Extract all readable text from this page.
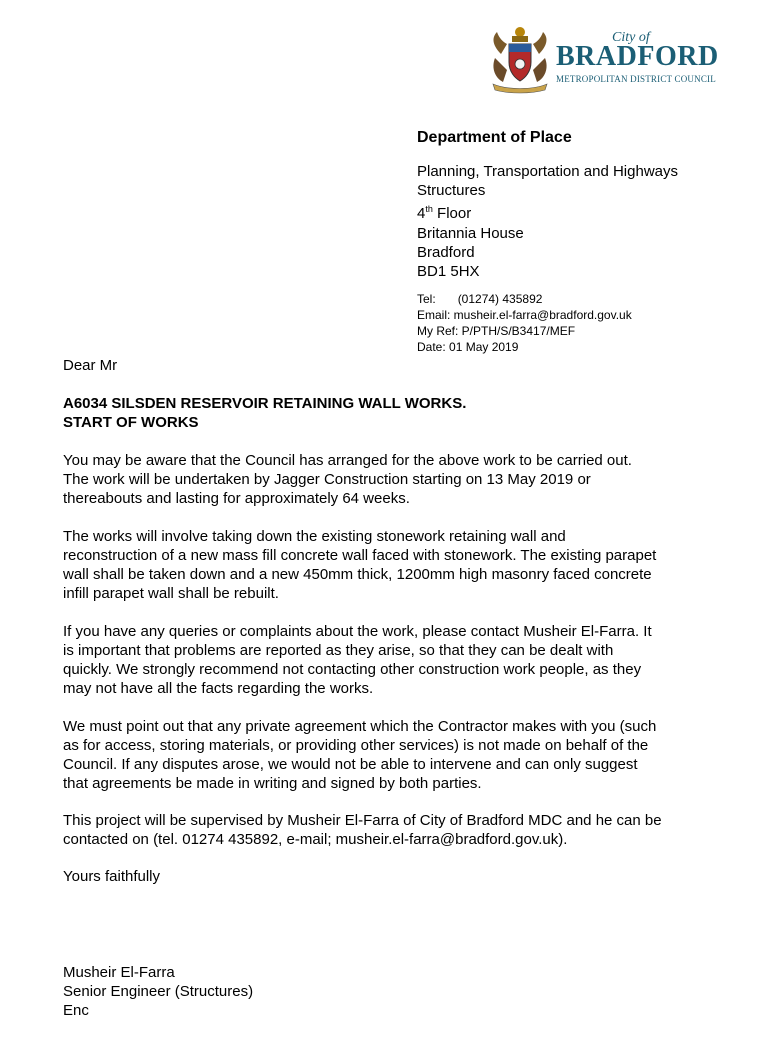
City of
BRADFORD
METROPOLITAN DISTRICT COUNCIL
Department of Place
Planning, Transportation and Highways
Structures
4th Floor
Britannia House
Bradford
BD1 5HX
Tel: (01274) 435892
Email: musheir.el-farra@bradford.gov.uk
My Ref: P/PTH/S/B3417/MEF
Date: 01 May 2019
Dear Mr
A6034 SILSDEN RESERVOIR RETAINING WALL WORKS.
START OF WORKS
You may be aware that the Council has arranged for the above work to be carried out.
The work will be undertaken by Jagger Construction starting on 13 May 2019 or
thereabouts and lasting for approximately 64 weeks.
The works will involve taking down the existing stonework retaining wall and
reconstruction of a new mass fill concrete wall faced with stonework. The existing parapet
wall shall be taken down and a new 450mm thick, 1200mm high masonry faced concrete
infill parapet wall shall be rebuilt.
If you have any queries or complaints about the work, please contact Musheir El-Farra. It
is important that problems are reported as they arise, so that they can be dealt with
quickly. We strongly recommend not contacting other construction work people, as they
may not have all the facts regarding the works.
We must point out that any private agreement which the Contractor makes with you (such
as for access, storing materials, or providing other services) is not made on behalf of the
Council. If any disputes arose, we would not be able to intervene and can only suggest
that agreements be made in writing and signed by both parties.
This project will be supervised by Musheir El-Farra of City of Bradford MDC and he can be
contacted on (tel. 01274 435892, e-mail; musheir.el-farra@bradford.gov.uk).
Yours faithfully
Musheir El-Farra
Senior Engineer (Structures)
Enc
